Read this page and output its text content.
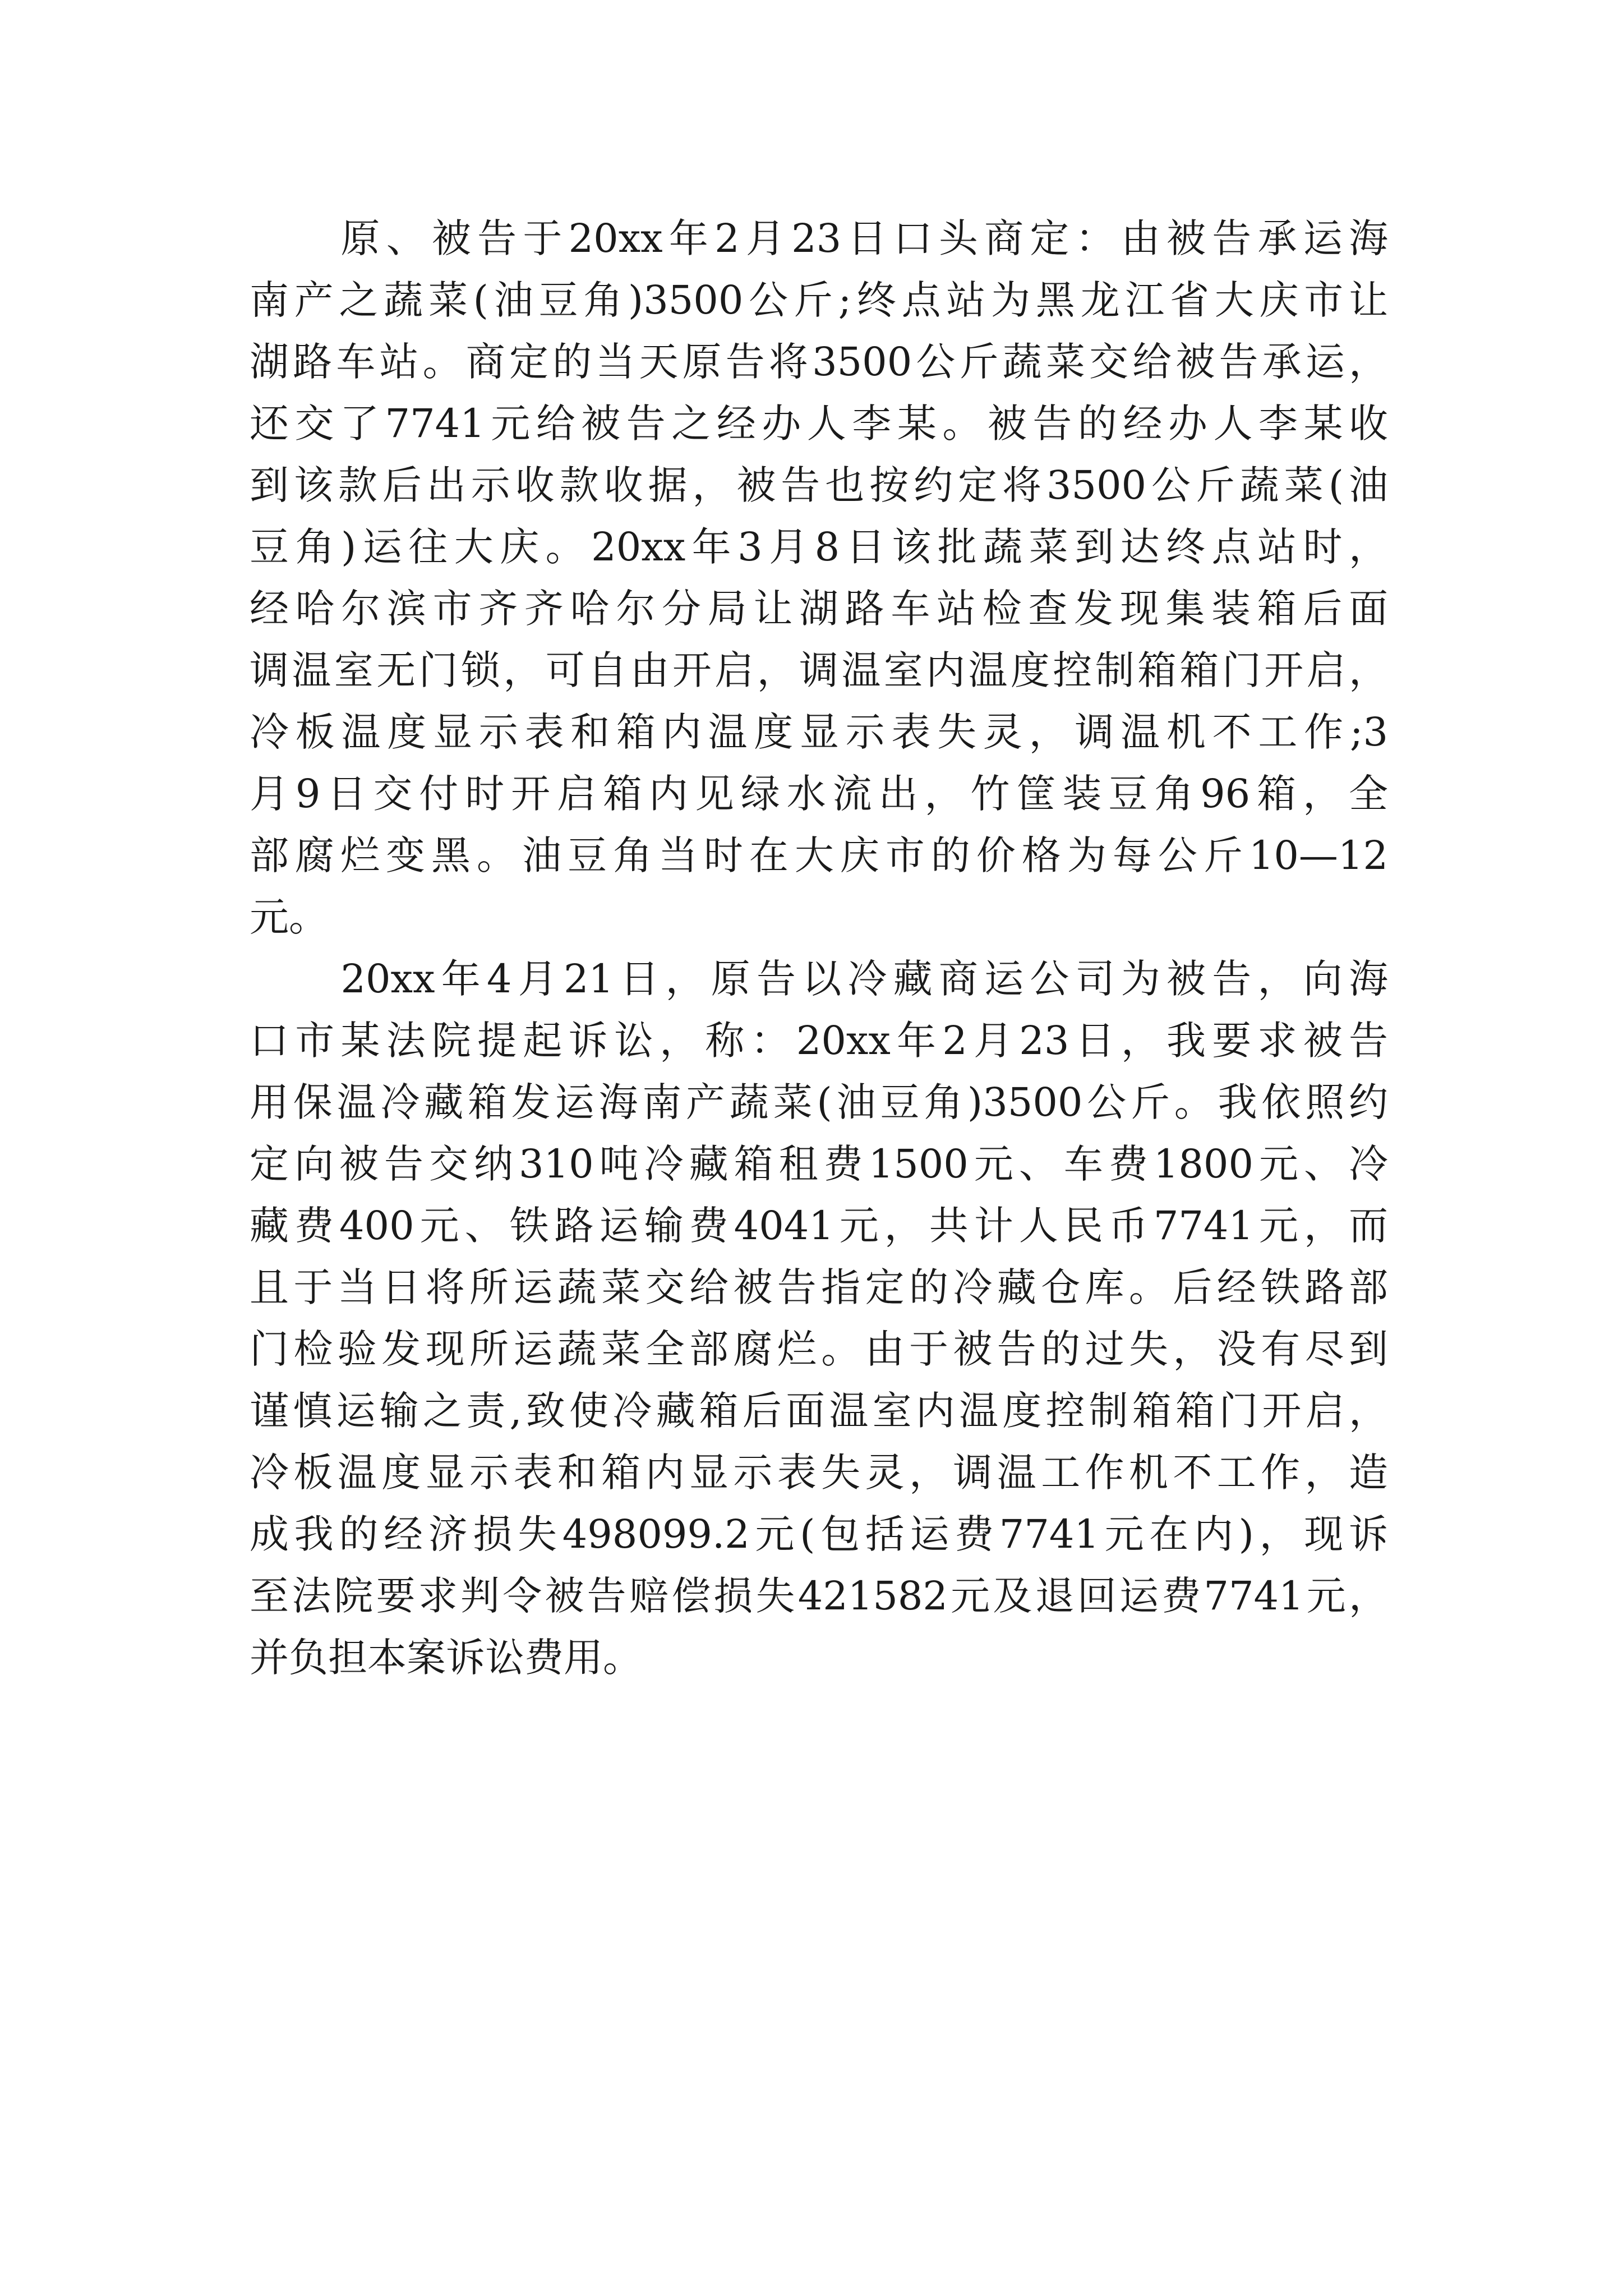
　　原、被告于20xx年2月23日口头商定：由被告承运海
南产之蔬菜(油豆角)3500公斤;终点站为黑龙江省大庆市让
湖路车站。商定的当天原告将3500公斤蔬菜交给被告承运，
还交了7741元给被告之经办人李某。被告的经办人李某收
到该款后出示收款收据，被告也按约定将3500公斤蔬菜(油
豆角)运往大庆。20xx年3月8日该批蔬菜到达终点站时，
经哈尔滨市齐齐哈尔分局让湖路车站检查发现集装箱后面
调温室无门锁，可自由开启，调温室内温度控制箱箱门开启，
冷板温度显示表和箱内温度显示表失灵，调温机不工作;3
月9日交付时开启箱内见绿水流出，竹筐装豆角96箱，全
部腐烂变黑。油豆角当时在大庆市的价格为每公斤10—12
元。
　　20xx年4月21日，原告以冷藏商运公司为被告，向海
口市某法院提起诉讼，称：20xx年2月23日，我要求被告
用保温冷藏箱发运海南产蔬菜(油豆角)3500公斤。我依照约
定向被告交纳310吨冷藏箱租费1500元、车费1800元、冷
藏费400元、铁路运输费4041元，共计人民币7741元，而
且于当日将所运蔬菜交给被告指定的冷藏仓库。后经铁路部
门检验发现所运蔬菜全部腐烂。由于被告的过失，没有尽到
谨慎运输之责,致使冷藏箱后面温室内温度控制箱箱门开启，
冷板温度显示表和箱内显示表失灵，调温工作机不工作，造
成我的经济损失498099.2元(包括运费7741元在内)，现诉
至法院要求判令被告赔偿损失421582元及退回运费7741元，
并负担本案诉讼费用。
